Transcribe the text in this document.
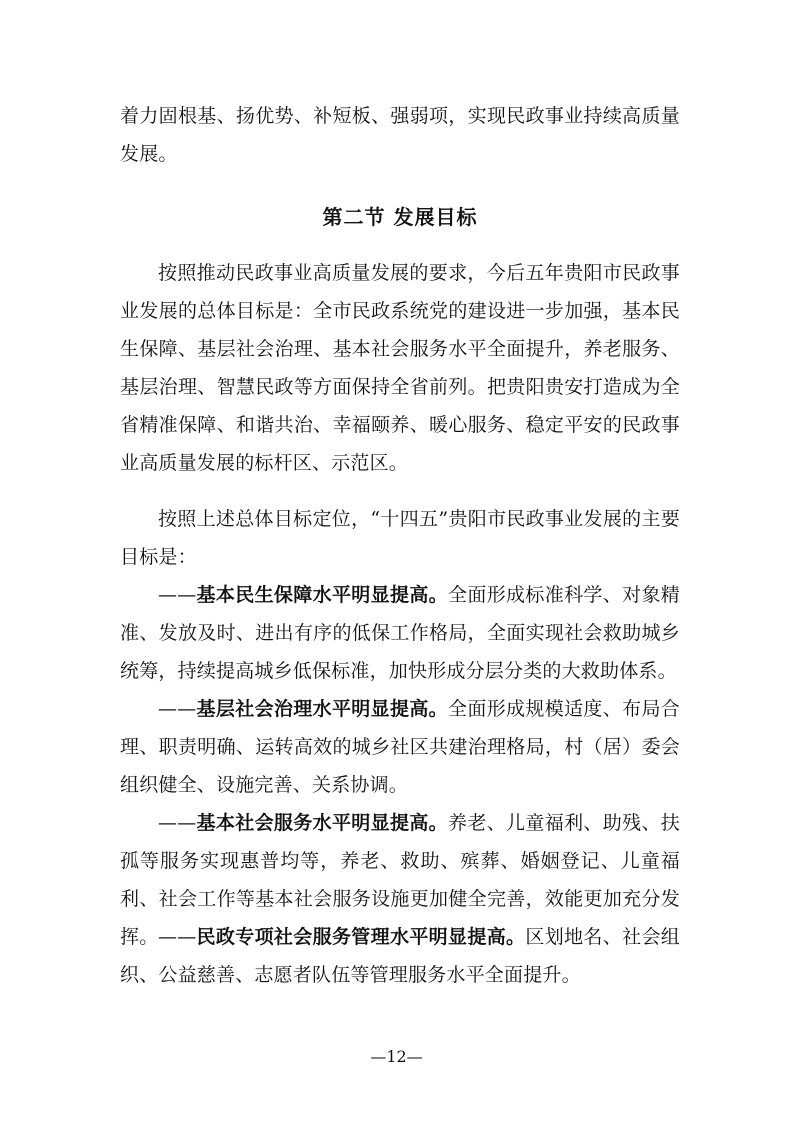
着力固根基、扬优势、补短板、强弱项，实现民政事业持续高质量发展。

第二节 发展目标

按照推动民政事业高质量发展的要求，今后五年贵阳市民政事业发展的总体目标是：全市民政系统党的建设进一步加强，基本民生保障、基层社会治理、基本社会服务水平全面提升，养老服务、基层治理、智慧民政等方面保持全省前列。把贵阳贵安打造成为全省精准保障、和谐共治、幸福颐养、暖心服务、稳定平安的民政事业高质量发展的标杆区、示范区。

按照上述总体目标定位，“十四五”贵阳市民政事业发展的主要目标是：

——基本民生保障水平明显提高。全面形成标准科学、对象精准、发放及时、进出有序的低保工作格局，全面实现社会救助城乡统筹，持续提高城乡低保标准，加快形成分层分类的大救助体系。

——基层社会治理水平明显提高。全面形成规模适度、布局合理、职责明确、运转高效的城乡社区共建治理格局，村（居）委会组织健全、设施完善、关系协调。

——基本社会服务水平明显提高。养老、儿童福利、助残、扶孤等服务实现惠普均等，养老、救助、殡葬、婚姻登记、儿童福利、社会工作等基本社会服务设施更加健全完善，效能更加充分发挥。 ——民政专项社会服务管理水平明显提高。区划地名、社会组织、公益慈善、志愿者队伍等管理服务水平全面提升。

—12—
